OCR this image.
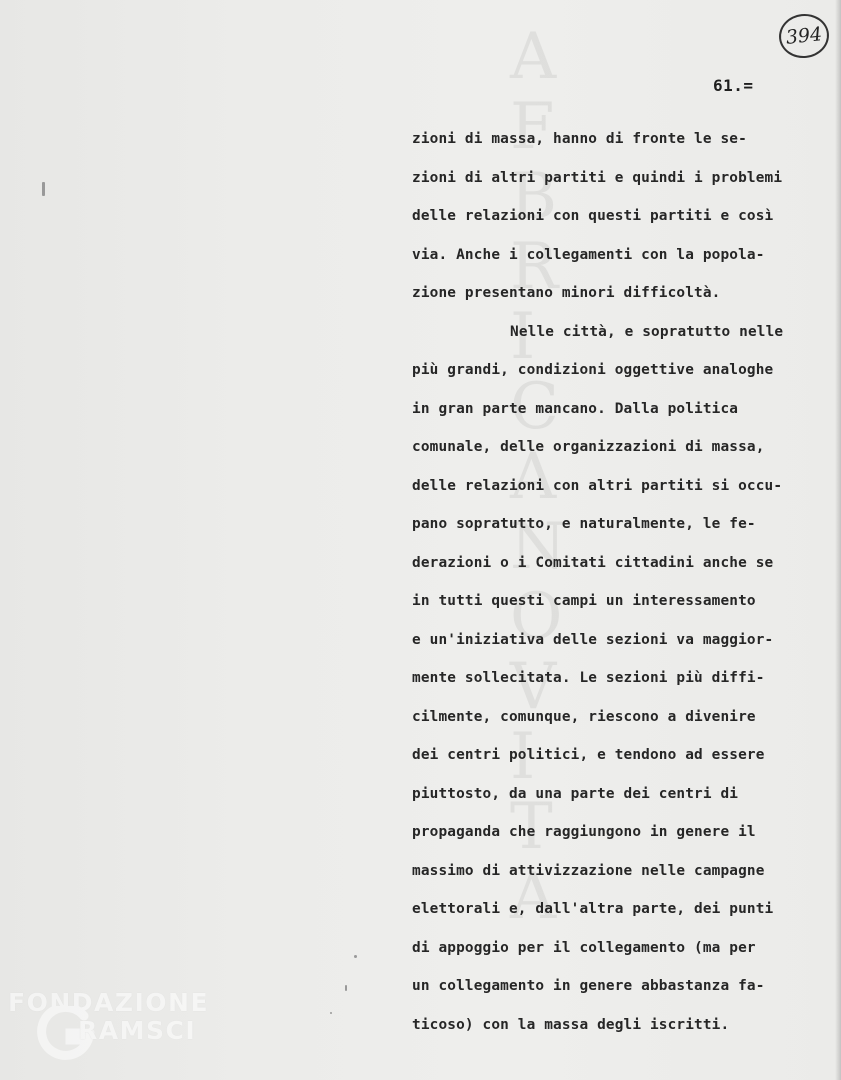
A
F
B
R
I
C
A
N
O
V
I
T
A
394
61.=
zioni di massa, hanno di fronte le se-
zioni di altri partiti e quindi i problemi
delle relazioni con questi partiti e così
via. Anche i collegamenti con la popola-
zione presentano minori difficoltà.
Nelle città, e sopratutto nelle
più grandi, condizioni oggettive analoghe
in gran parte mancano. Dalla politica
comunale, delle organizzazioni di massa,
delle relazioni con altri partiti si occu-
pano sopratutto, e naturalmente, le fe-
derazioni o i Comitati cittadini anche se
in tutti questi campi un interessamento
e un'iniziativa delle sezioni va maggior-
mente sollecitata. Le sezioni più diffi-
cilmente, comunque, riescono a divenire
dei centri politici, e tendono ad essere
piuttosto, da una parte dei centri di
propaganda che raggiungono in genere il
massimo di attivizzazione nelle campagne
elettorali e, dall'altra parte, dei punti
di appoggio per il collegamento (ma per
un collegamento in genere abbastanza fa-
ticoso) con la massa degli iscritti.
FONDAZIONE
RAMSCI
